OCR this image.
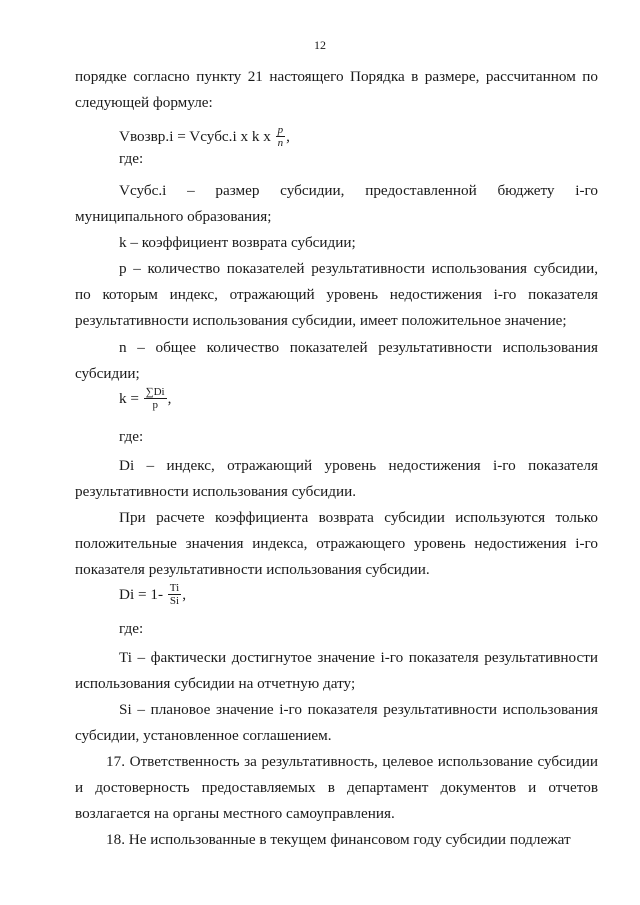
12

порядке согласно пункту 21 настоящего Порядка в размере, рассчитанном по следующей формуле:

Vвозвр.i = Vсубс.i x k x
$\frac{p}{n}$ ,
где:
Vсубс.i – размер субсидии, предоставленной бюджету i-го

муниципального образования;

k – коэффициент возврата субсидии;

p – количество показателей результативности использования субсидии, по которым индекс, отражающий уровень недостижения i-го показателя результативности использования субсидии, имеет положительное значение;

n – общее количество показателей результативности использования субсидии;

k =
$\frac{\sum Di}{p}$ ,
где:

Di – индекс, отражающий уровень недостижения i-го показателя результативности использования субсидии.

При расчете коэффициента возврата субсидии используются только положительные значения индекса, отражающего уровень недостижения i-го показателя результативности использования субсидии.

Di = 1-
$\frac{Ti}{Si}$ ,
где:

Ti – фактически достигнутое значение i-го показателя результативности использования субсидии на отчетную дату;

Si – плановое значение i-го показателя результативности использования субсидии, установленное соглашением.

17. Ответственность за результативность, целевое использование субсидии и достоверность предоставляемых в департамент документов и отчетов возлагается на органы местного самоуправления.

18. Не использованные в текущем финансовом году субсидии подлежат
